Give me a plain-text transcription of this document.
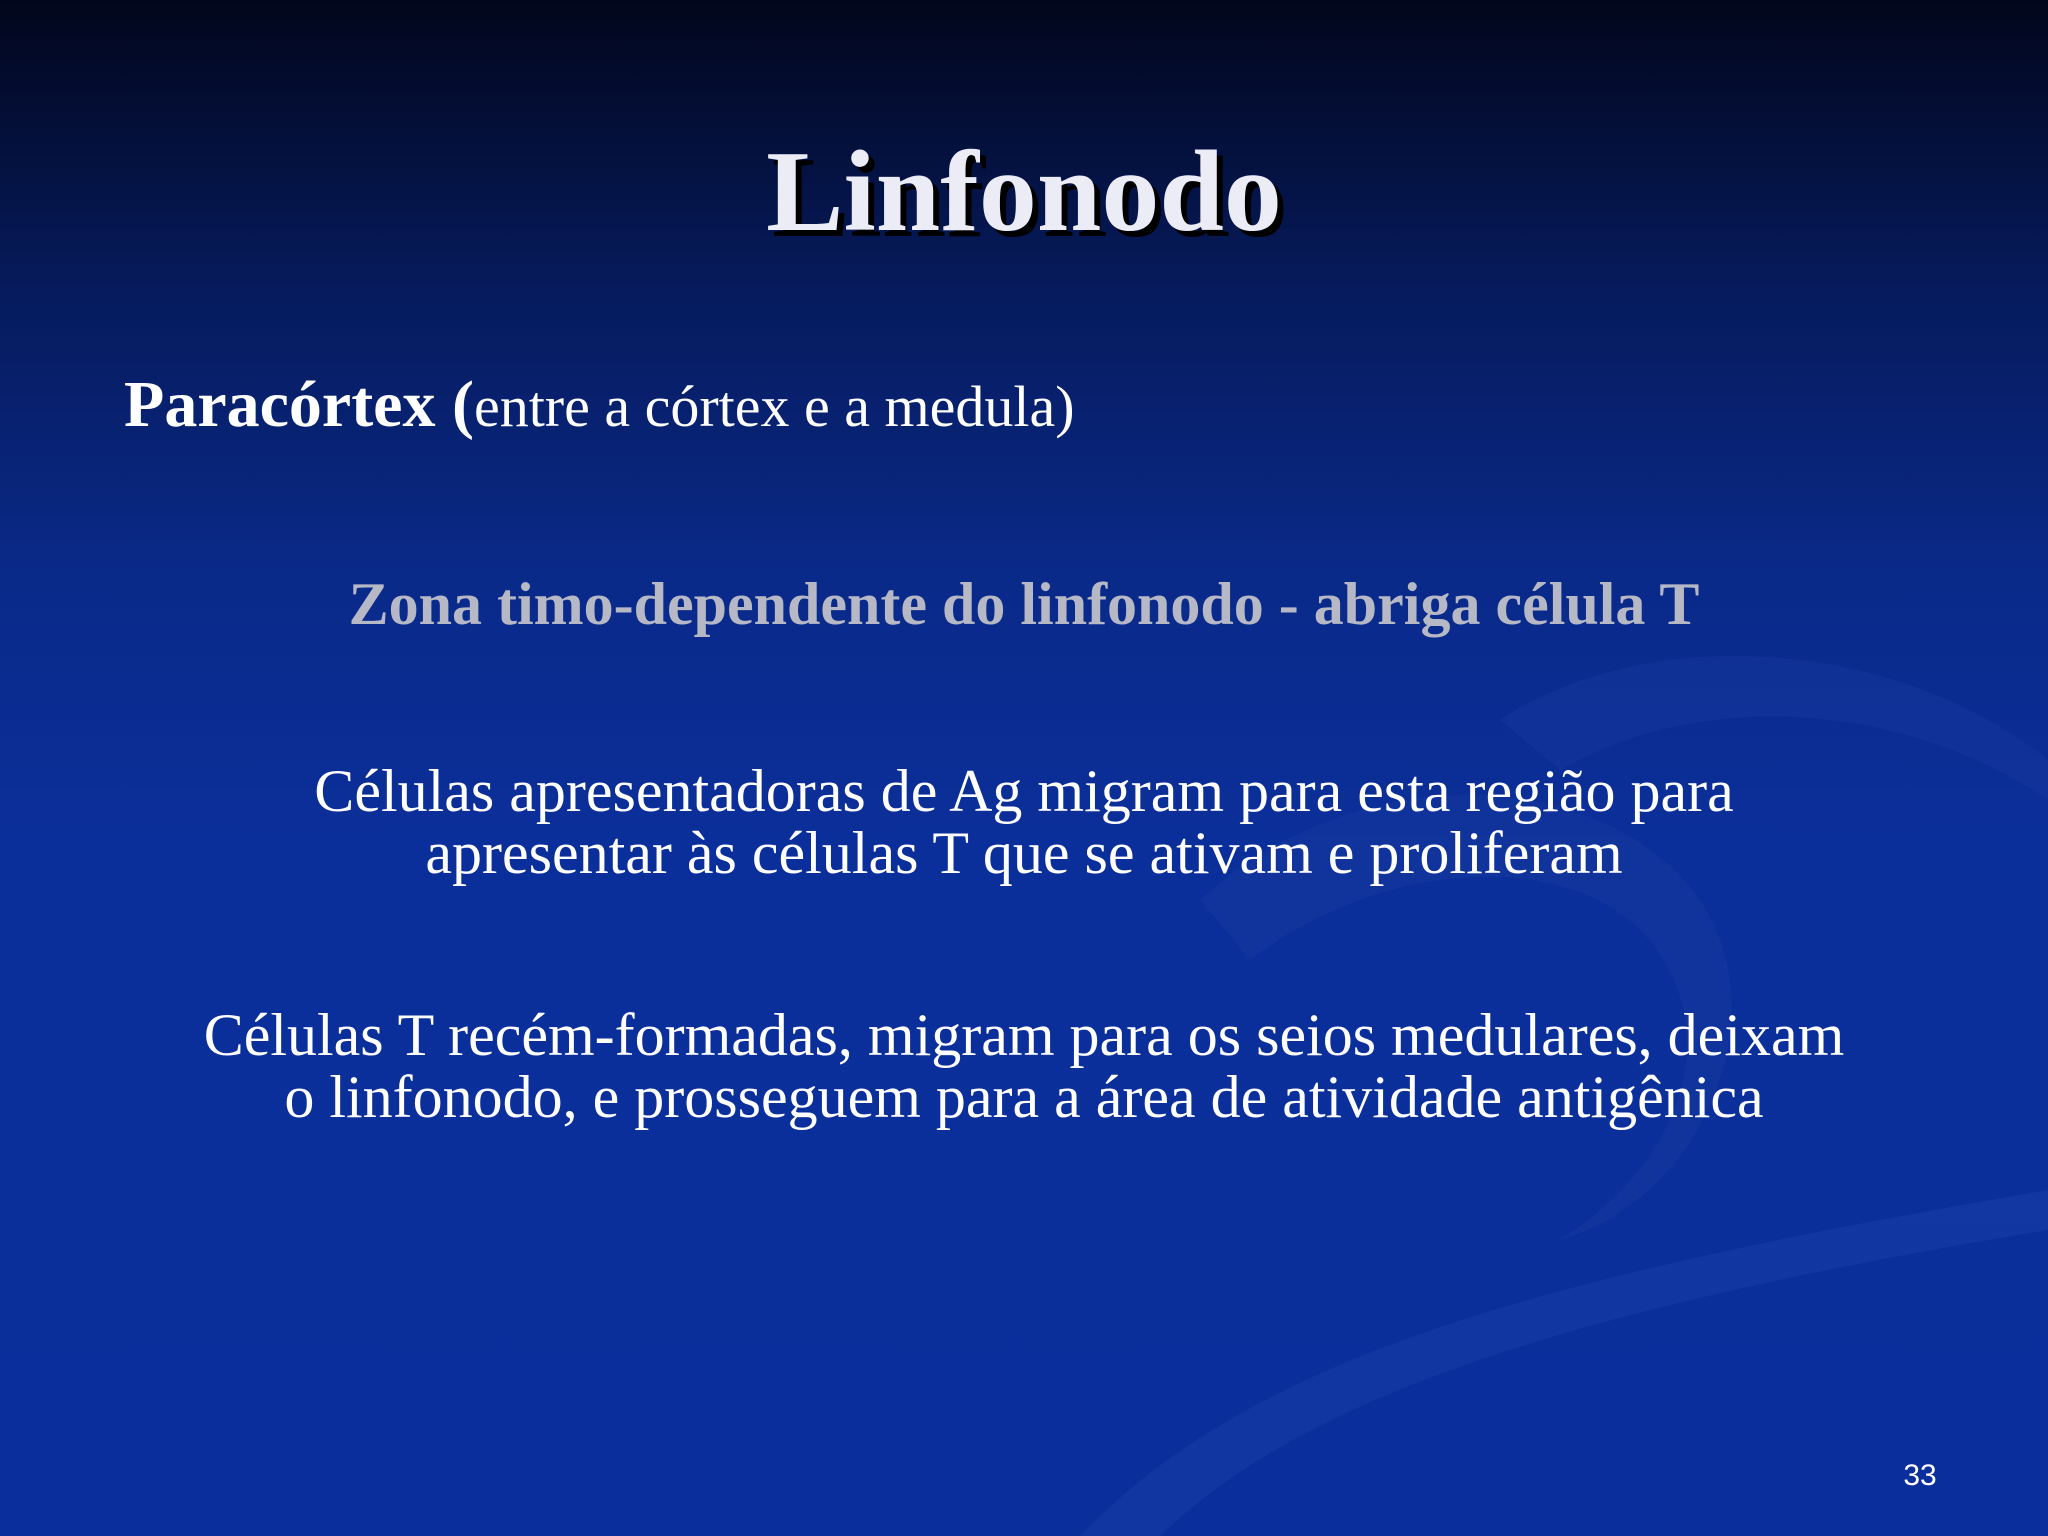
Linfonodo
Paracórtex (entre a córtex e a medula)
Zona timo-dependente do linfonodo - abriga célula T
Células apresentadoras de Ag migram para esta região para
apresentar às células T que se ativam e proliferam
Células T recém-formadas, migram para os seios medulares, deixam
o linfonodo, e prosseguem para a área de atividade antigênica
33
